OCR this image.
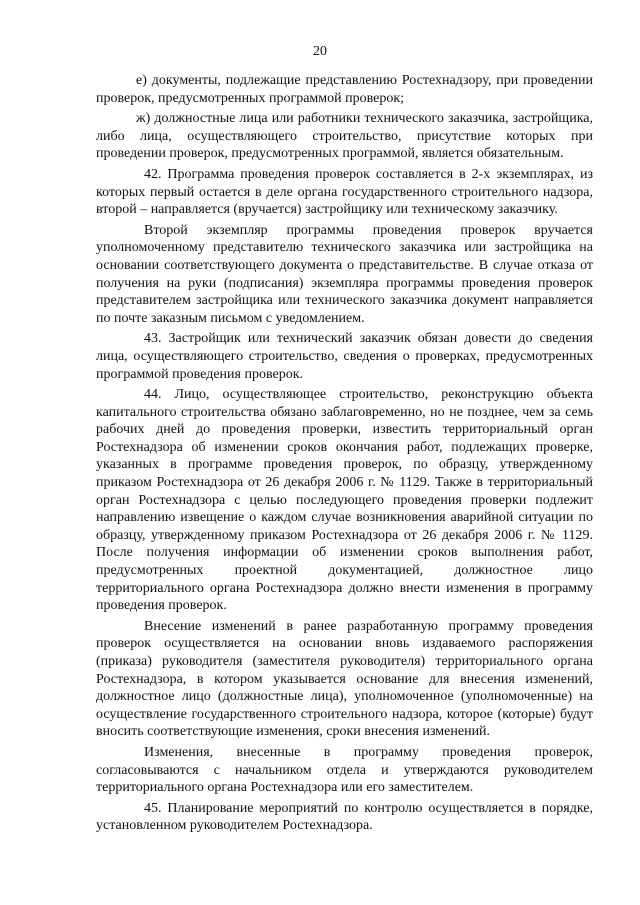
20

е) документы, подлежащие представлению Ростехнадзору, при проведении проверок, предусмотренных программой проверок;

ж) должностные лица или работники технического заказчика, застройщика, либо лица, осуществляющего строительство, присутствие которых при проведении проверок, предусмотренных программой, является обязательным.

42. Программа проведения проверок составляется в 2-х экземплярах, из которых первый остается в деле органа государственного строительного надзора, второй – направляется (вручается) застройщику или техническому заказчику.

Второй экземпляр программы проведения проверок вручается уполномоченному представителю технического заказчика или застройщика на основании соответствующего документа о представительстве. В случае отказа от получения на руки (подписания) экземпляра программы проведения проверок представителем застройщика или технического заказчика документ направляется по почте заказным письмом с уведомлением.

43. Застройщик или технический заказчик обязан довести до сведения лица, осуществляющего строительство, сведения о проверках, предусмотренных программой проведения проверок.

44. Лицо, осуществляющее строительство, реконструкцию объекта капитального строительства обязано заблаговременно, но не позднее, чем за семь рабочих дней до проведения проверки, известить территориальный орган Ростехнадзора об изменении сроков окончания работ, подлежащих проверке, указанных в программе проведения проверок, по образцу, утвержденному приказом Ростехнадзора от 26 декабря 2006 г. № 1129. Также в территориальный орган Ростехнадзора с целью последующего проведения проверки подлежит направлению извещение о каждом случае возникновения аварийной ситуации по образцу, утвержденному приказом Ростехнадзора от 26 декабря 2006 г. № 1129. После получения информации об изменении сроков выполнения работ, предусмотренных проектной документацией, должностное лицо территориального органа Ростехнадзора должно внести изменения в программу проведения проверок.

Внесение изменений в ранее разработанную программу проведения проверок осуществляется на основании вновь издаваемого распоряжения (приказа) руководителя (заместителя руководителя) территориального органа Ростехнадзора, в котором указывается основание для внесения изменений, должностное лицо (должностные лица), уполномоченное (уполномоченные) на осуществление государственного строительного надзора, которое (которые) будут вносить соответствующие изменения, сроки внесения изменений.

Изменения, внесенные в программу проведения проверок, согласовываются с начальником отдела и утверждаются руководителем территориального органа Ростехнадзора или его заместителем.

45. Планирование мероприятий по контролю осуществляется в порядке, установленном руководителем Ростехнадзора.
